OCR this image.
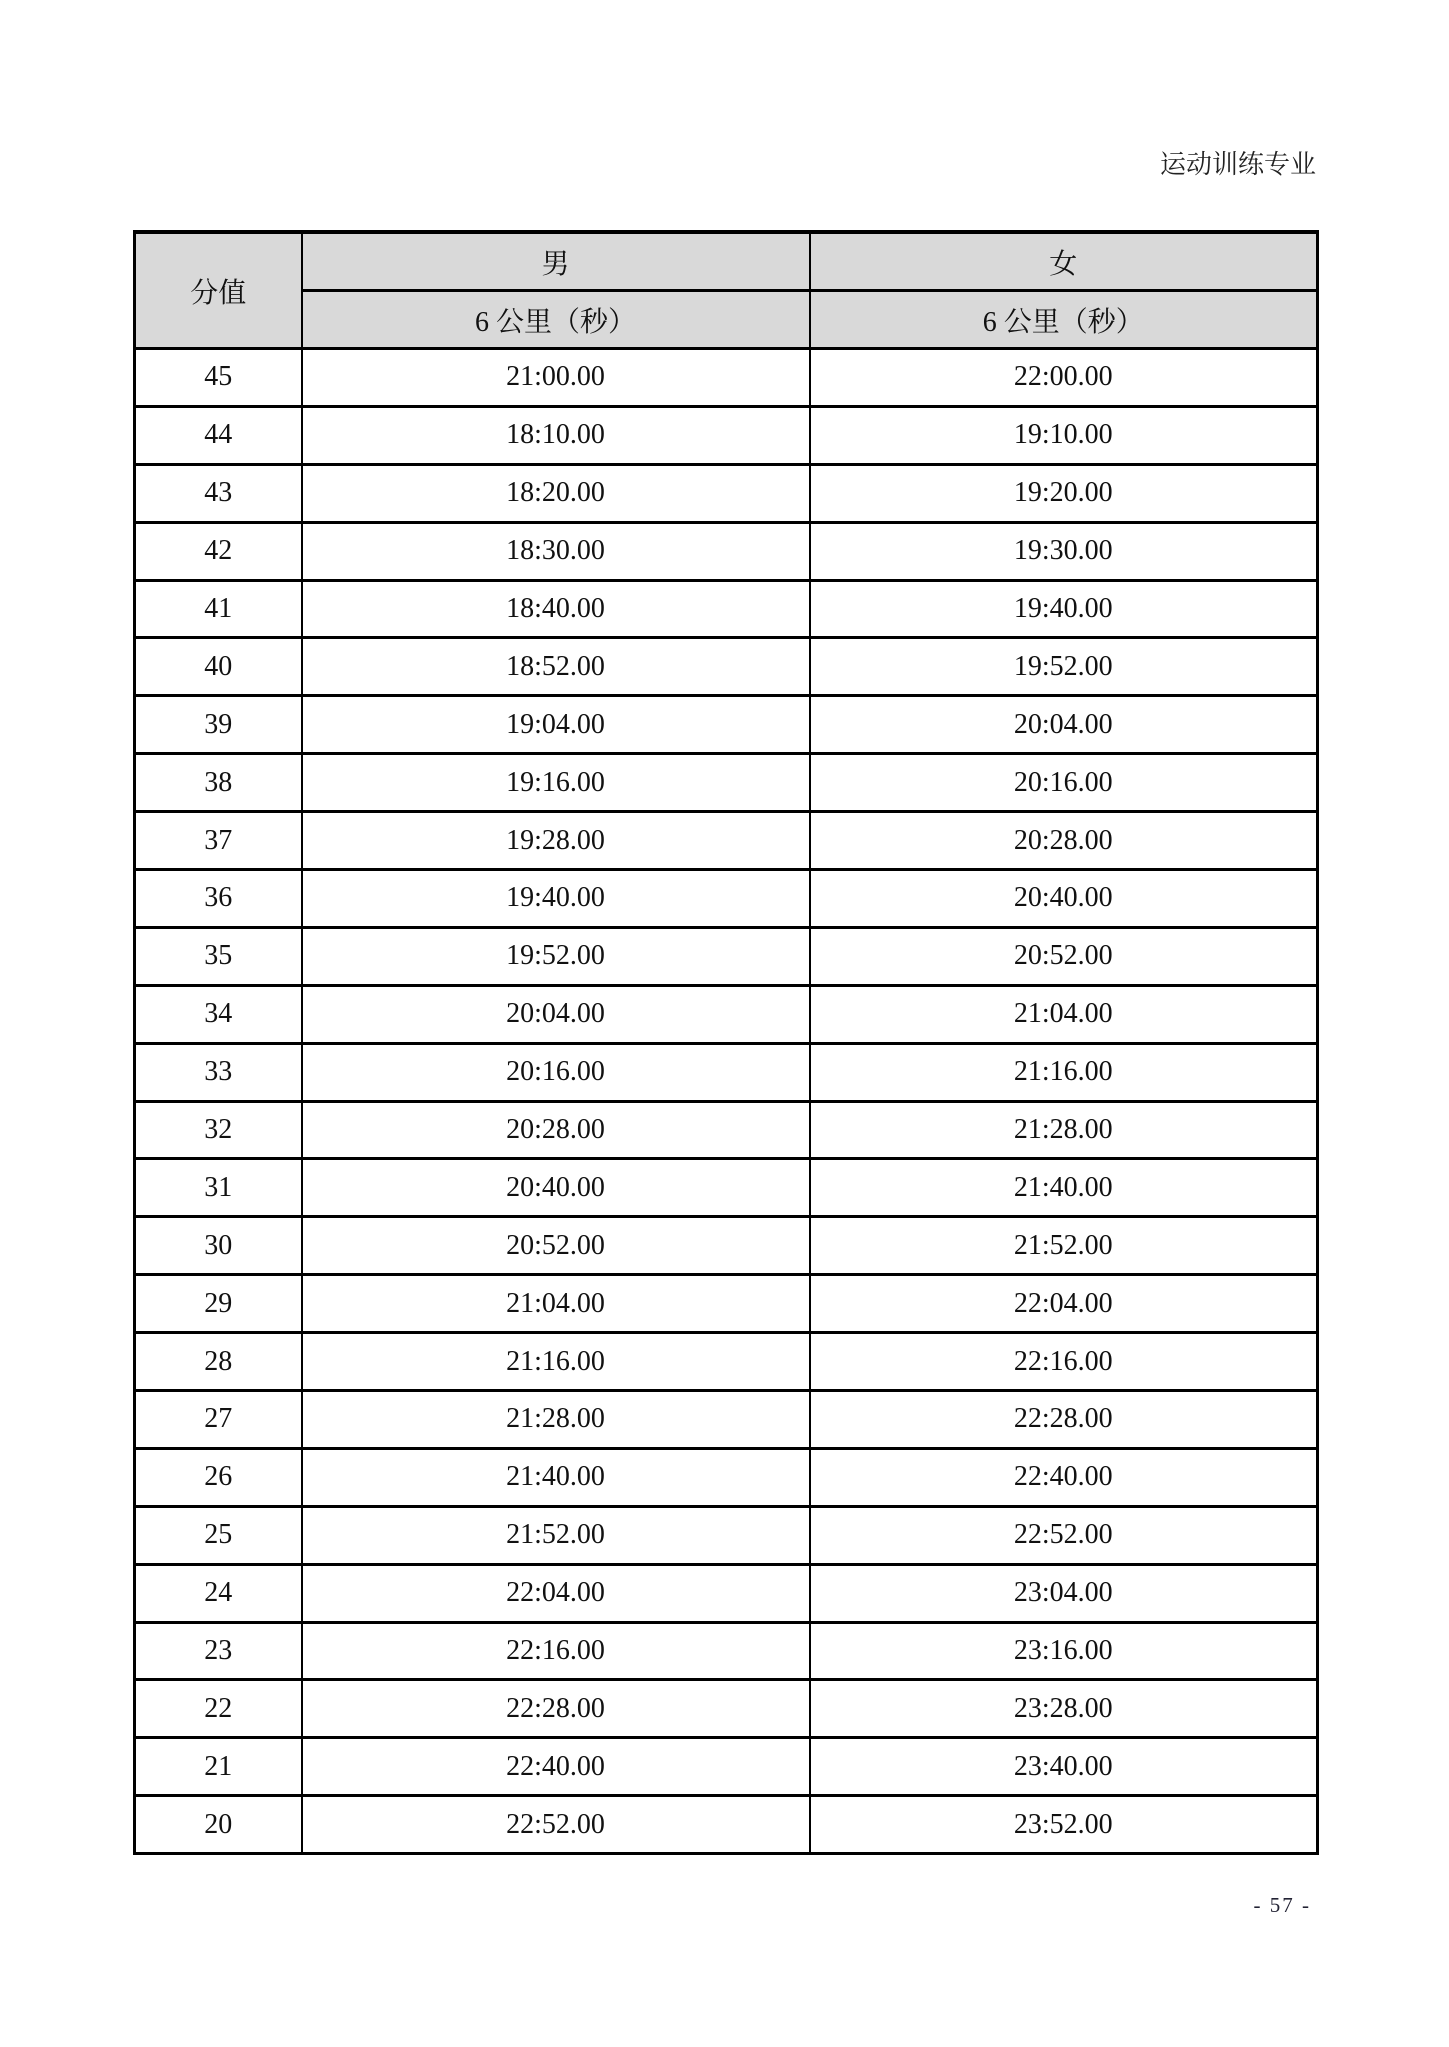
运动训练专业
分值	男	女
	6 公里（秒）	6 公里（秒）
45	21:00.00	22:00.00
44	18:10.00	19:10.00
43	18:20.00	19:20.00
42	18:30.00	19:30.00
41	18:40.00	19:40.00
40	18:52.00	19:52.00
39	19:04.00	20:04.00
38	19:16.00	20:16.00
37	19:28.00	20:28.00
36	19:40.00	20:40.00
35	19:52.00	20:52.00
34	20:04.00	21:04.00
33	20:16.00	21:16.00
32	20:28.00	21:28.00
31	20:40.00	21:40.00
30	20:52.00	21:52.00
29	21:04.00	22:04.00
28	21:16.00	22:16.00
27	21:28.00	22:28.00
26	21:40.00	22:40.00
25	21:52.00	22:52.00
24	22:04.00	23:04.00
23	22:16.00	23:16.00
22	22:28.00	23:28.00
21	22:40.00	23:40.00
20	22:52.00	23:52.00
- 57 -
